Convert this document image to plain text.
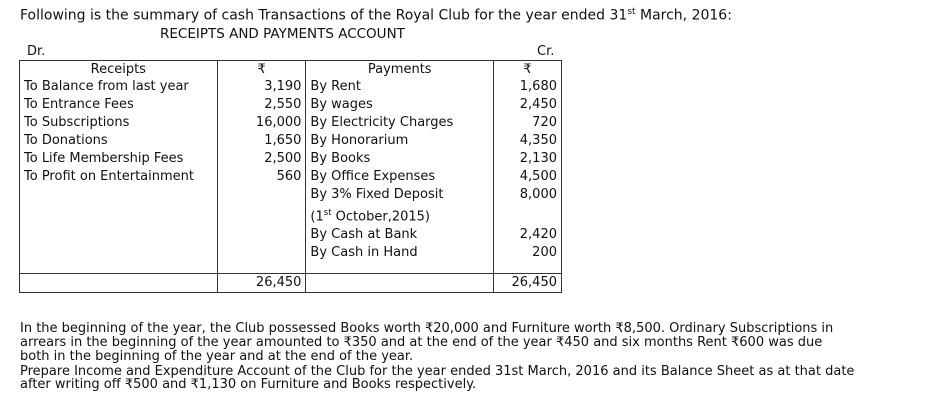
Following is the summary of cash Transactions of the Royal Club for the year ended 31st March, 2016:
RECEIPTS AND PAYMENTS ACCOUNT
Dr.	Cr.
Receipts	₹	Payments	₹
To Balance from last year	3,190	By Rent	1,680
To Entrance Fees	2,550	By wages	2,450
To Subscriptions	16,000	By Electricity Charges	720
To Donations	1,650	By Honorarium	4,350
To Life Membership Fees	2,500	By Books	2,130
To Profit on Entertainment	560	By Office Expenses	4,500
		By 3% Fixed Deposit	8,000
		(1st October,2015)	
		By Cash at Bank	2,420
		By Cash in Hand	200

	26,450		26,450
In the beginning of the year, the Club possessed Books worth ₹20,000 and Furniture worth ₹8,500. Ordinary Subscriptions in
arrears in the beginning of the year amounted to ₹350 and at the end of the year ₹450 and six months Rent ₹600 was due
both in the beginning of the year and at the end of the year.
Prepare Income and Expenditure Account of the Club for the year ended 31st March, 2016 and its Balance Sheet as at that date
after writing off ₹500 and ₹1,130 on Furniture and Books respectively.
